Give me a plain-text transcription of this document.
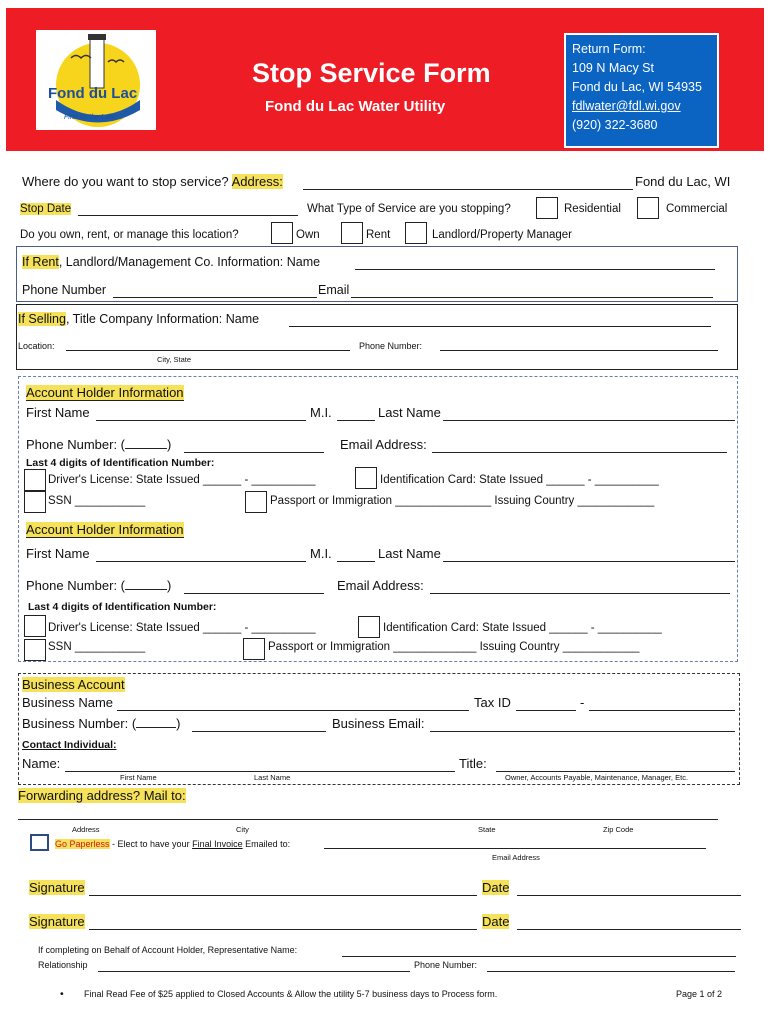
Fond du Lac
First on the Lake
Stop Service Form
Fond du Lac Water Utility
Return Form:
109 N Macy St
Fond du Lac, WI 54935
fdlwater@fdl.wi.gov
(920) 322-3680
Where do you want to stop service? Address:	Fond du Lac, WI
Stop Date	What Type of Service are you stopping?	Residential	Commercial
Do you own, rent, or manage this location?	Own	Rent	Landlord/Property Manager
If Rent, Landlord/Management Co. Information: Name
Phone Number	Email
If Selling, Title Company Information: Name
Location:	Phone Number:
City, State
Account Holder Information
First Name	M.I.	Last Name
Phone Number: (	)	Email Address:
Last 4 digits of Identification Number:
Driver's License: State Issued ______ - __________	Identification Card: State Issued ______ - __________
SSN ___________	Passport or Immigration _______________ Issuing Country ____________
Account Holder Information
First Name	M.I.	Last Name
Phone Number: (	)	Email Address:
Last 4 digits of Identification Number:
Driver's License: State Issued ______ - __________	Identification Card: State Issued ______ - __________
SSN ___________	Passport or Immigration _____________ Issuing Country ____________
Business Account
Business Name	Tax ID	-
Business Number: (	)	Business Email:
Contact Individual:
Name:	Title:
First Name	Last Name	Owner, Accounts Payable, Maintenance, Manager, Etc.
Forwarding address? Mail to:
Address	City	State	Zip Code
Go Paperless - Elect to have your Final Invoice Emailed to:
Email Address
Signature	Date
Signature	Date
If completing on Behalf of Account Holder, Representative Name:
Relationship	Phone Number:
• Final Read Fee of $25 applied to Closed Accounts & Allow the utility 5-7 business days to Process form.	Page 1 of 2
